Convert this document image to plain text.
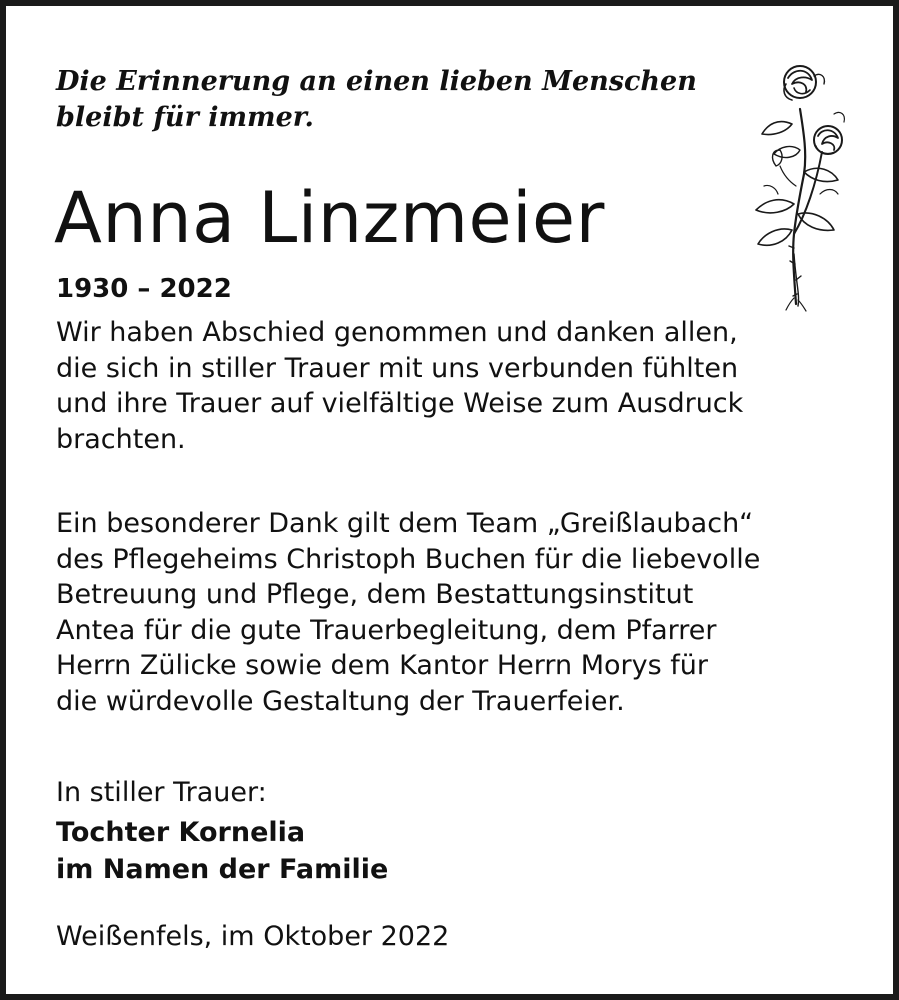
Die Erinnerung an einen lieben Menschen
bleibt für immer.
Anna Linzmeier
1930 – 2022

Wir haben Abschied genommen und danken allen,
die sich in stiller Trauer mit uns verbunden fühlten
und ihre Trauer auf vielfältige Weise zum Ausdruck
brachten.

Ein besonderer Dank gilt dem Team „Greißlaubach“
des Pflegeheims Christoph Buchen für die liebevolle
Betreuung und Pflege, dem Bestattungsinstitut
Antea für die gute Trauerbegleitung, dem Pfarrer
Herrn Zülicke sowie dem Kantor Herrn Morys für
die würdevolle Gestaltung der Trauerfeier.

In stiller Trauer:
Tochter Kornelia
im Namen der Familie
Weißenfels, im Oktober 2022
